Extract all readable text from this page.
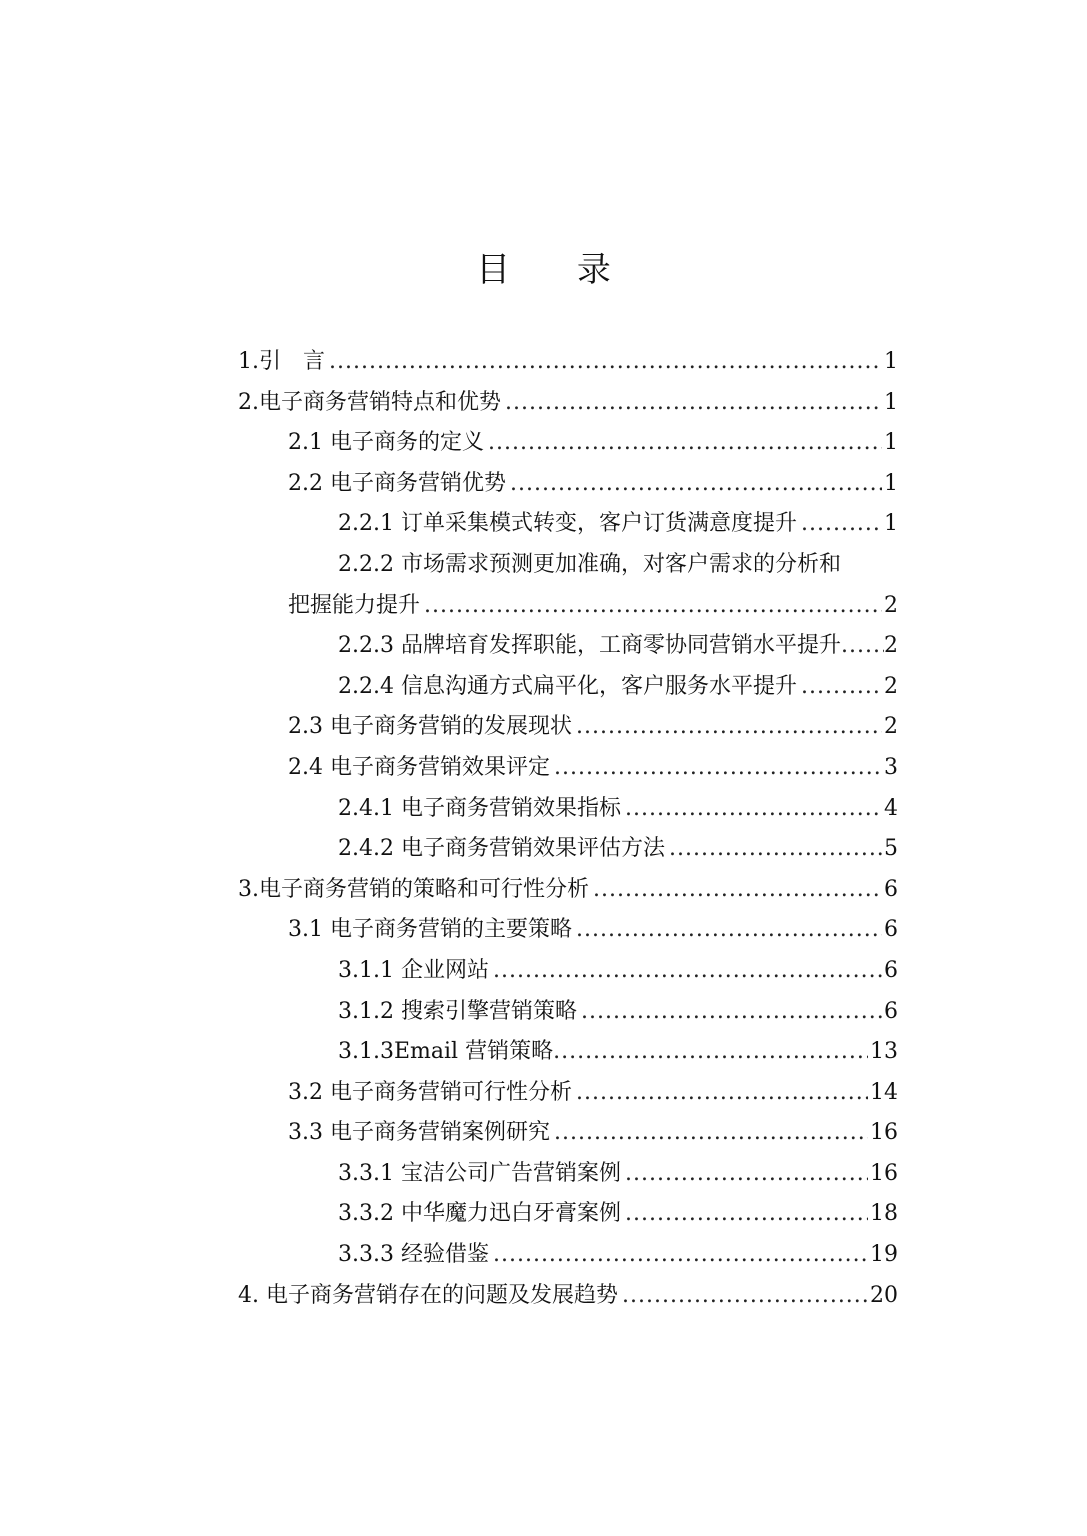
目 录
1.引　言 .....	1
2.电子商务营销特点和优势 .....	1
2.1 电子商务的定义 .....	1
2.2 电子商务营销优势 .....	1
2.2.1 订单采集模式转变，客户订货满意度提升 .....	1
2.2.2 市场需求预测更加准确，对客户需求的分析和
把握能力提升 .....	2
2.2.3 品牌培育发挥职能，工商零协同营销水平提升 ..... 2
2.2.4 信息沟通方式扁平化，客户服务水平提升 .....	2
2.3 电子商务营销的发展现状 .....	2
2.4 电子商务营销效果评定 .....	3
2.4.1 电子商务营销效果指标 .....	4
2.4.2 电子商务营销效果评估方法 .....	5
3.电子商务营销的策略和可行性分析 .....	6
3.1 电子商务营销的主要策略 .....	6
3.1.1 企业网站 .....	6
3.1.2 搜索引擎营销策略 .....	6
3.1.3Email 营销策略 .....	13
3.2 电子商务营销可行性分析 .....	14
3.3 电子商务营销案例研究 .....	16
3.3.1 宝洁公司广告营销案例 .....	16
3.3.2 中华魔力迅白牙膏案例 .....	18
3.3.3 经验借鉴 .....	19
4. 电子商务营销存在的问题及发展趋势 .....	20
